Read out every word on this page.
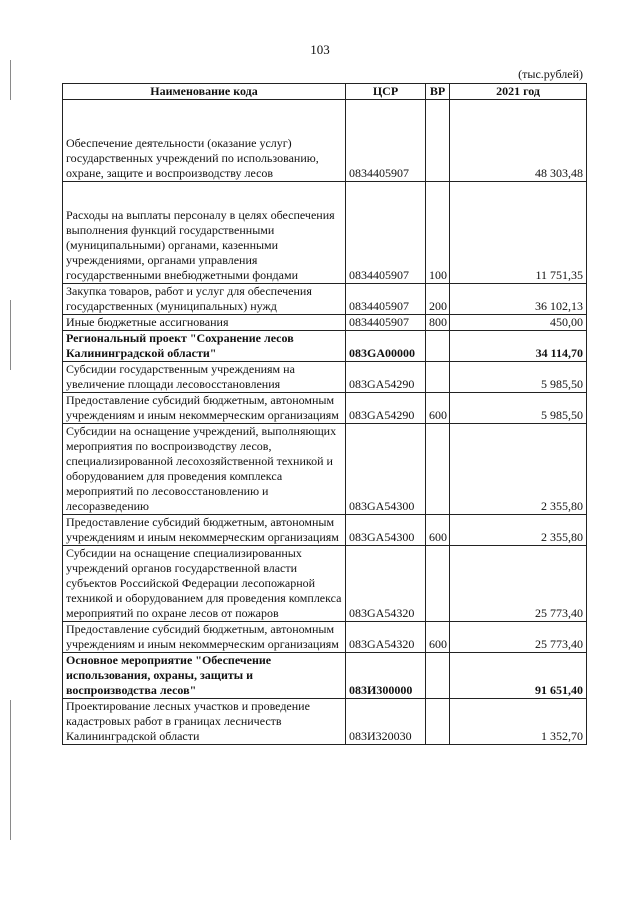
103
(тыс.рублей)
Наименование кода	ЦСР	ВР	2021 год

Обеспечение деятельности (оказание услуг) государственных учреждений по использованию, охране, защите и воспроизводству лесов	0834405907		48 303,48
Расходы на выплаты персоналу в целях обеспечения выполнения функций государственными (муниципальными) органами, казенными учреждениями, органами управления государственными внебюджетными фондами	0834405907	100	11 751,35
Закупка товаров, работ и услуг для обеспечения государственных (муниципальных) нужд	0834405907	200	36 102,13
Иные бюджетные ассигнования	0834405907	800	450,00
Региональный проект "Сохранение лесов Калининградской области"	083GA00000		34 114,70
Субсидии государственным учреждениям на увеличение площади лесовосстановления	083GA54290		5 985,50
Предоставление субсидий бюджетным, автономным учреждениям и иным некоммерческим организациям	083GA54290	600	5 985,50
Субсидии на оснащение учреждений, выполняющих мероприятия по воспроизводству лесов, специализированной лесохозяйственной техникой и оборудованием для проведения комплекса мероприятий по лесовосстановлению и лесоразведению	083GA54300		2 355,80
Предоставление субсидий бюджетным, автономным учреждениям и иным некоммерческим организациям	083GA54300	600	2 355,80
Субсидии на оснащение специализированных учреждений органов государственной власти субъектов Российской Федерации лесопожарной техникой и оборудованием для проведения комплекса мероприятий по охране лесов от пожаров	083GA54320		25 773,40
Предоставление субсидий бюджетным, автономным учреждениям и иным некоммерческим организациям	083GA54320	600	25 773,40
Основное мероприятие "Обеспечение использования, охраны, защиты и воспроизводства лесов"	083И300000		91 651,40
Проектирование лесных участков и проведение кадастровых работ в границах лесничеств Калининградской области	083И320030		1 352,70
